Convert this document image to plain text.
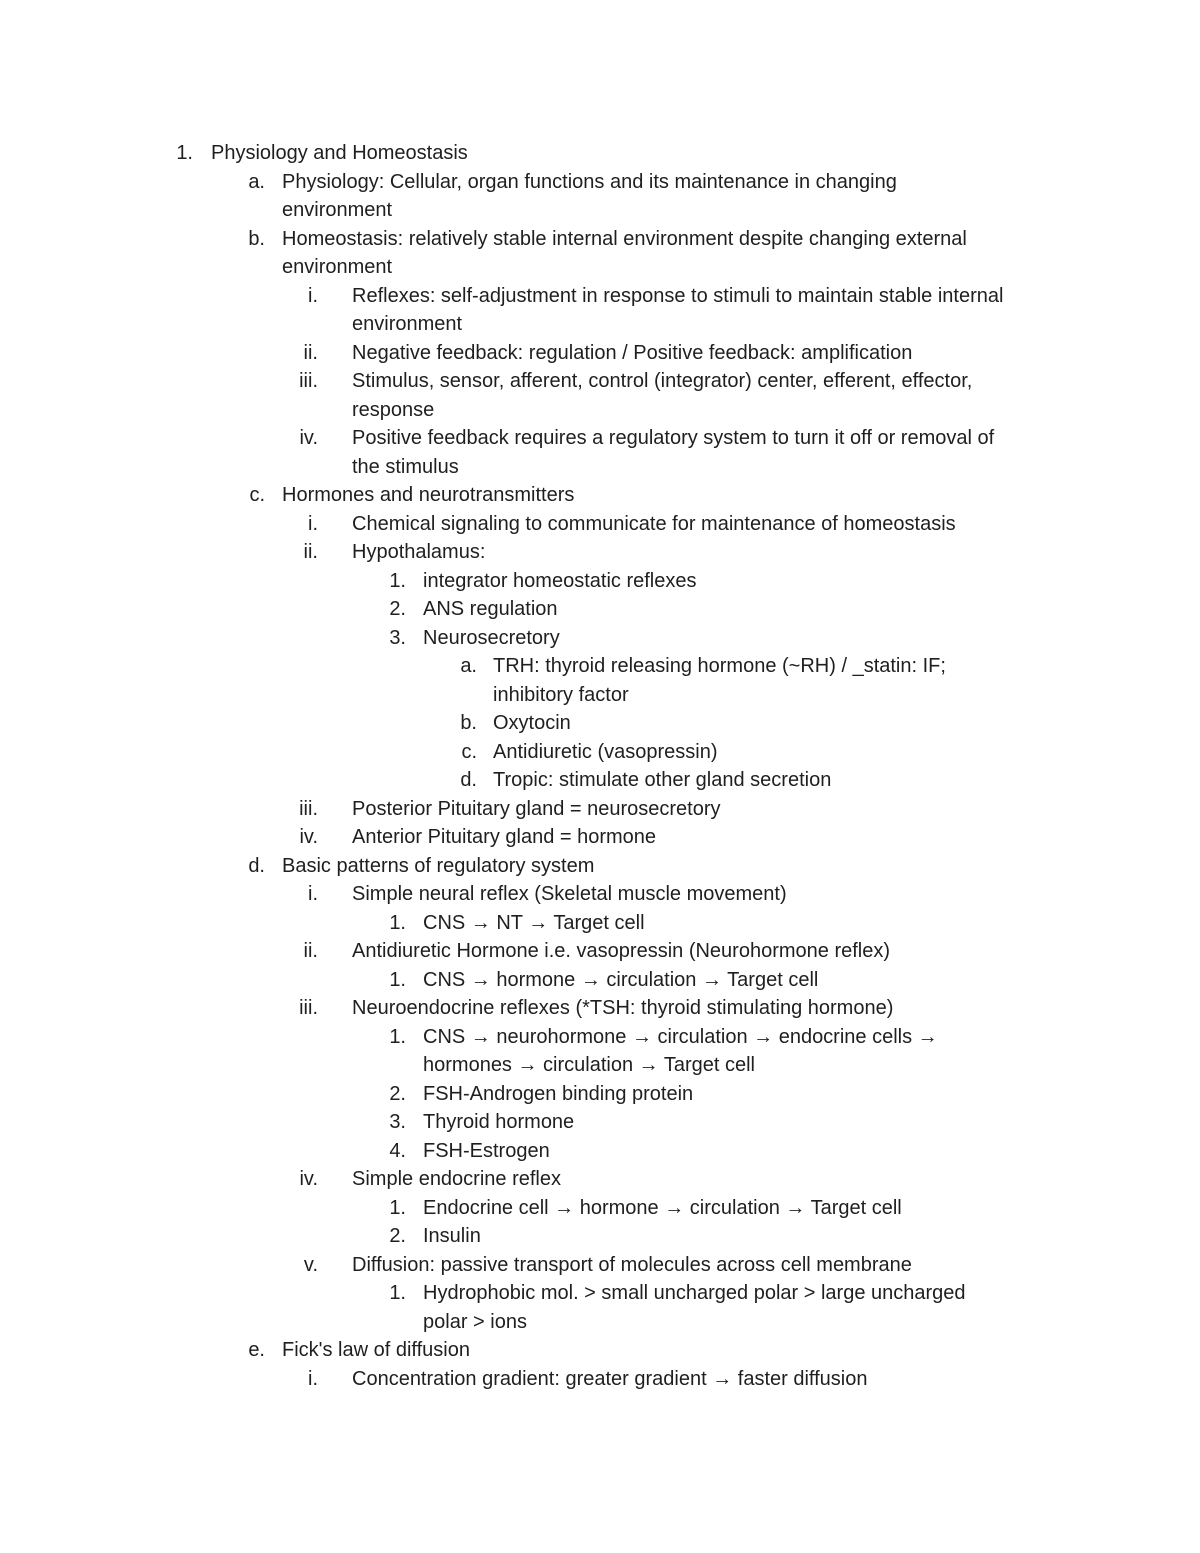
1. Physiology and Homeostasis
a. Physiology: Cellular, organ functions and its maintenance in changing
environment
b. Homeostasis: relatively stable internal environment despite changing external
environment
i. Reflexes: self-adjustment in response to stimuli to maintain stable internal
environment
ii. Negative feedback: regulation / Positive feedback: amplification
iii. Stimulus, sensor, afferent, control (integrator) center, efferent, effector,
response
iv. Positive feedback requires a regulatory system to turn it off or removal of
the stimulus
c. Hormones and neurotransmitters
i. Chemical signaling to communicate for maintenance of homeostasis
ii. Hypothalamus:
1. integrator homeostatic reflexes
2. ANS regulation
3. Neurosecretory
a. TRH: thyroid releasing hormone (~RH) / _statin: IF;
inhibitory factor
b. Oxytocin
c. Antidiuretic (vasopressin)
d. Tropic: stimulate other gland secretion
iii. Posterior Pituitary gland = neurosecretory
iv. Anterior Pituitary gland = hormone
d. Basic patterns of regulatory system
i. Simple neural reflex (Skeletal muscle movement)
1. CNS → NT → Target cell
ii. Antidiuretic Hormone i.e. vasopressin (Neurohormone reflex)
1. CNS → hormone → circulation → Target cell
iii. Neuroendocrine reflexes (*TSH: thyroid stimulating hormone)
1. CNS → neurohormone → circulation → endocrine cells →
hormones → circulation → Target cell
2. FSH-Androgen binding protein
3. Thyroid hormone
4. FSH-Estrogen
iv. Simple endocrine reflex
1. Endocrine cell → hormone → circulation → Target cell
2. Insulin
v. Diffusion: passive transport of molecules across cell membrane
1. Hydrophobic mol. > small uncharged polar > large uncharged
polar > ions
e. Fick's law of diffusion
i. Concentration gradient: greater gradient → faster diffusion
